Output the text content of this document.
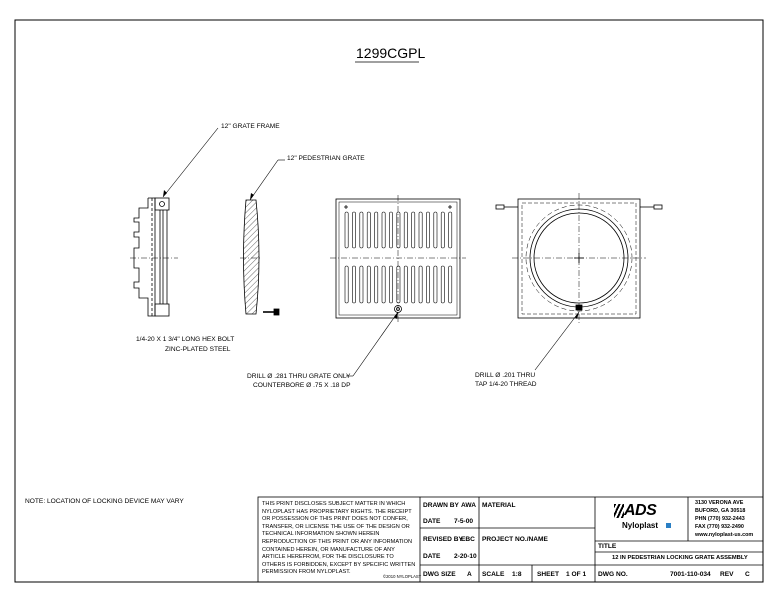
1299CGPL
12" GRATE FRAME
12" PEDESTRIAN GRATE
1/4-20 X 1 3/4" LONG HEX BOLT
ZINC-PLATED STEEL
DRILL Ø .281 THRU GRATE ONLY
COUNTERBORE Ø .75 X .18 DP
DRILL Ø .201 THRU
TAP 1/4-20 THREAD
NOTE: LOCATION OF LOCKING DEVICE MAY VARY	THIS PRINT DISCLOSES SUBJECT MATTER IN WHICH NYLOPLAST HAS PROPRIETARY RIGHTS. THE RECEIPT OR POSSESSION OF THIS PRINT DOES NOT CONFER, TRANSFER, OR LICENSE THE USE OF THE DESIGN OR TECHNICAL INFORMATION SHOWN HEREIN REPRODUCTION OF THIS PRINT OR ANY INFORMATION CONTAINED HEREIN, OR MANUFACTURE OF ANY ARTICLE HEREFROM, FOR THE DISCLOSURE TO OTHERS IS FORBIDDEN, EXCEPT BY SPECIFIC WRITTEN PERMISSION FROM NYLOPLAST.
©2010 NYLOPLAST
DRAWN BY AWA
DATE 7-5-00
REVISED BY
EBC
DATE 2-20-10
DWG SIZE A
MATERIAL
PROJECT NO./NAME
SCALE 1:8 SHEET 1 OF 1
ADS
Nyloplast
3130 VERONA AVE
BUFORD, GA 30518
PHN (770) 932-2443
FAX (770) 932-2490
www.nyloplast-us.com
TITLE
12 IN PEDESTRIAN LOCKING GRATE ASSEMBLY
DWG NO.	7001-110-034 REV C
